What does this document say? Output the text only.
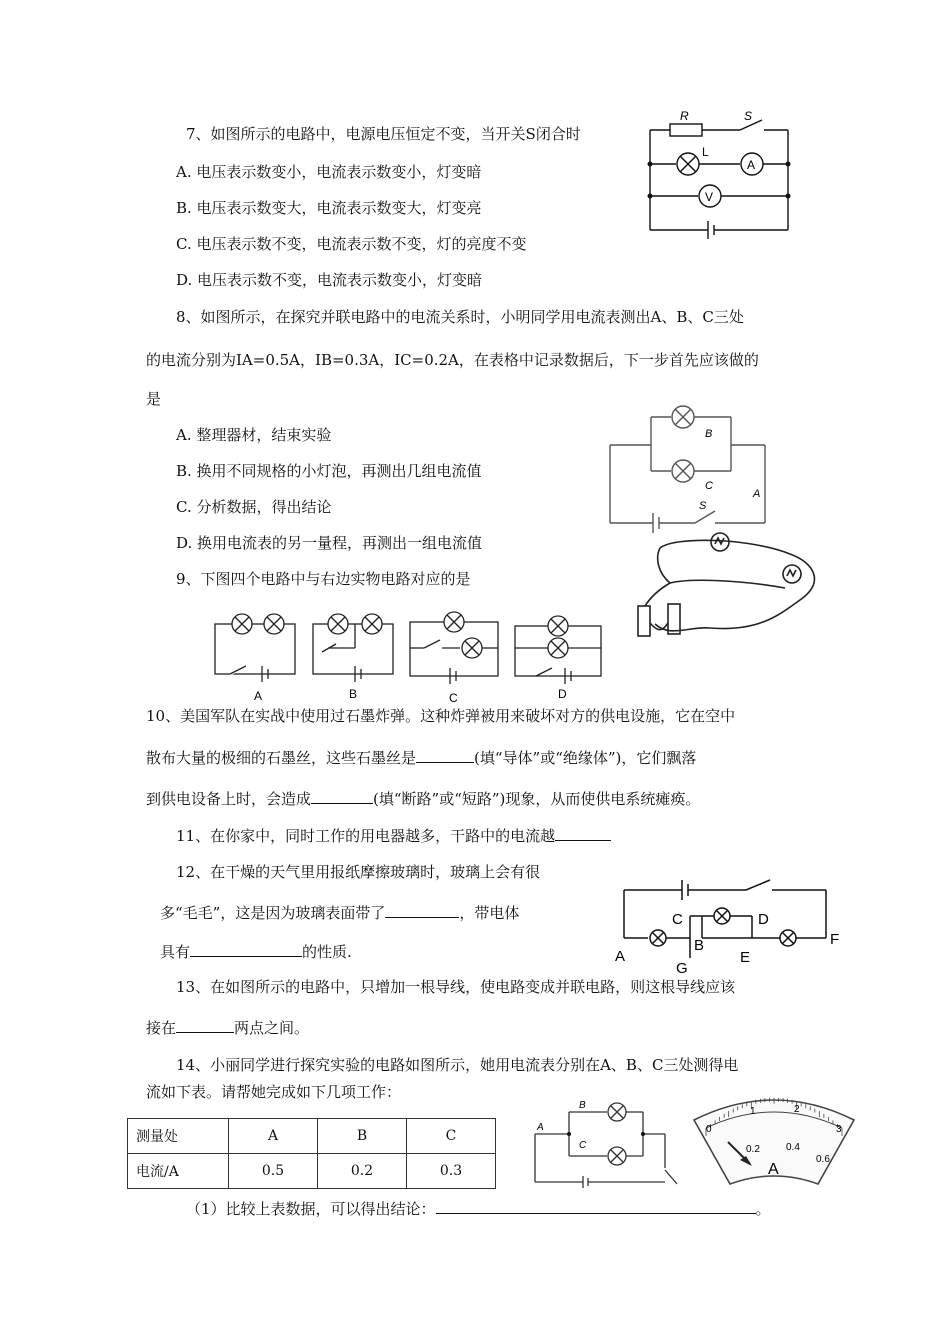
7、如图所示的电路中，电源电压恒定不变，当开关S闭合时
A. 电压表示数变小，电流表示数变小，灯变暗
B. 电压表示数变大，电流表示数变大，灯变亮
C. 电压表示数不变，电流表示数不变，灯的亮度不变
D. 电压表示数不变，电流表示数变小，灯变暗
R	S
L
A
V
8、如图所示，在探究并联电路中的电流关系时，小明同学用电流表测出A、B、C三处
的电流分别为IA=0.5A，IB=0.3A，IC=0.2A，在表格中记录数据后，下一步首先应该做的
是
A. 整理器材，结束实验
B. 换用不同规格的小灯泡，再测出几组电流值
C. 分析数据，得出结论
D. 换用电流表的另一量程，再测出一组电流值
B
C
A
S
9、下图四个电路中与右边实物电路对应的是
A	B	C	D
10、美国军队在实战中使用过石墨炸弹。这种炸弹被用来破坏对方的供电设施，它在空中
散布大量的极细的石墨丝，这些石墨丝是	(填“导体”或“绝缘体”)，它们飘落
到供电设备上时，会造成	(填“断路”或“短路”)现象，从而使供电系统瘫痪。
11、在你家中，同时工作的用电器越多，干路中的电流越
12、在干燥的天气里用报纸摩擦玻璃时，玻璃上会有很
多“毛毛”，这是因为玻璃表面带了	，带电体
具有	的性质.	A
B
C	D
E
F
G
13、在如图所示的电路中，只增加一根导线，使电路变成并联电路，则这根导线应该
接在	两点之间。
14、小丽同学进行探究实验的电路如图所示，她用电流表分别在A、B、C三处测得电
流如下表。请帮她完成如下几项工作：
测量处	A	B	C
电流/A	0.5	0.2	0.3
A
B
C
0
1	2
3
0.2	0.4
0.6
A
（1）比较上表数据，可以得出结论：	。
